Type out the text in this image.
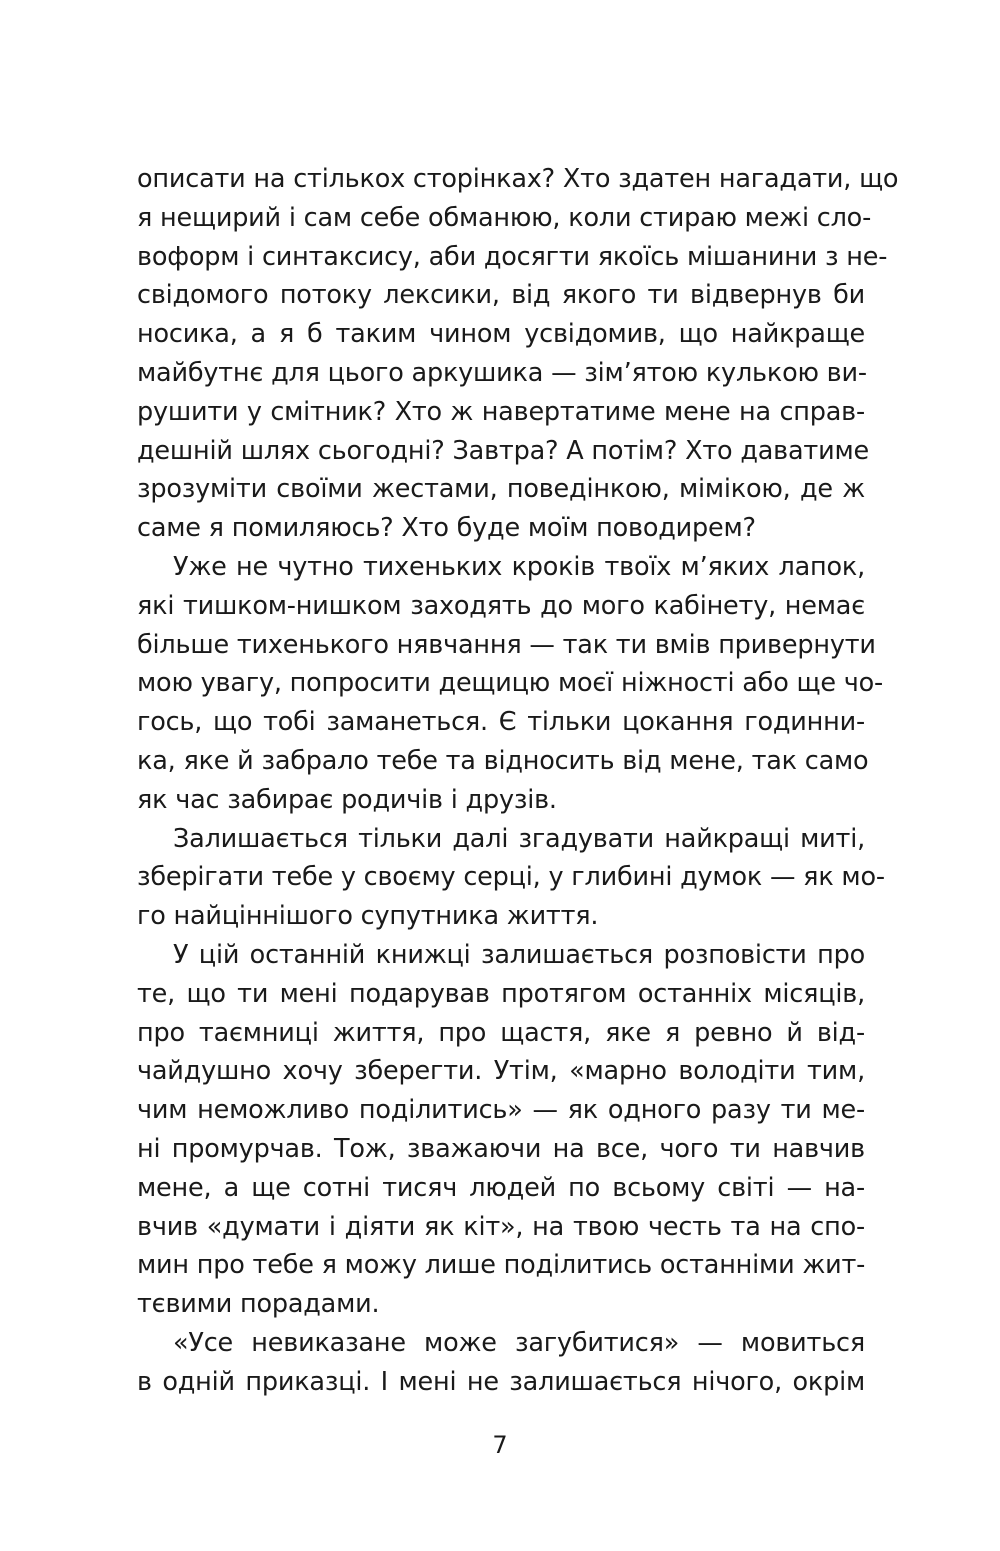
описати на стількох сторінках? Хто здатен нагадати, що
я нещирий і сам себе обманюю, коли стираю межі сло-
воформ і синтаксису, аби досягти якоїсь мішанини з не-
свідомого потоку лексики, від якого ти відвернув би
носика, а я б таким чином усвідомив, що найкраще
майбутнє для цього аркушика — зім’ятою кулькою ви-
рушити у смітник? Хто ж навертатиме мене на справ-
дешній шлях сьогодні? Завтра? А потім? Хто даватиме
зрозуміти своїми жестами, поведінкою, мімікою, де ж
саме я помиляюсь? Хто буде моїм поводирем?
Уже не чутно тихеньких кроків твоїх м’яких лапок,
які тишком-нишком заходять до мого кабінету, немає
більше тихенького нявчання — так ти вмів привернути
мою увагу, попросити дещицю моєї ніжності або ще чо-
гось, що тобі заманеться. Є тільки цокання годинни-
ка, яке й забрало тебе та відносить від мене, так само
як час забирає родичів і друзів.
Залишається тільки далі згадувати найкращі миті,
зберігати тебе у своєму серці, у глибині думок — як мо-
го найціннішого супутника життя.
У цій останній книжці залишається розповісти про
те, що ти мені подарував протягом останніх місяців,
про таємниці життя, про щастя, яке я ревно й від-
чайдушно хочу зберегти. Утім, «марно володіти тим,
чим неможливо поділитись» — як одного разу ти ме-
ні промурчав. Тож, зважаючи на все, чого ти навчив
мене, а ще сотні тисяч людей по всьому світі — на-
вчив «думати і діяти як кіт», на твою честь та на спо-
мин про тебе я можу лише поділитись останніми жит-
тєвими порадами.
«Усе невиказане може загубитися» — мовиться
в одній приказці. І мені не залишається нічого, окрім
7
